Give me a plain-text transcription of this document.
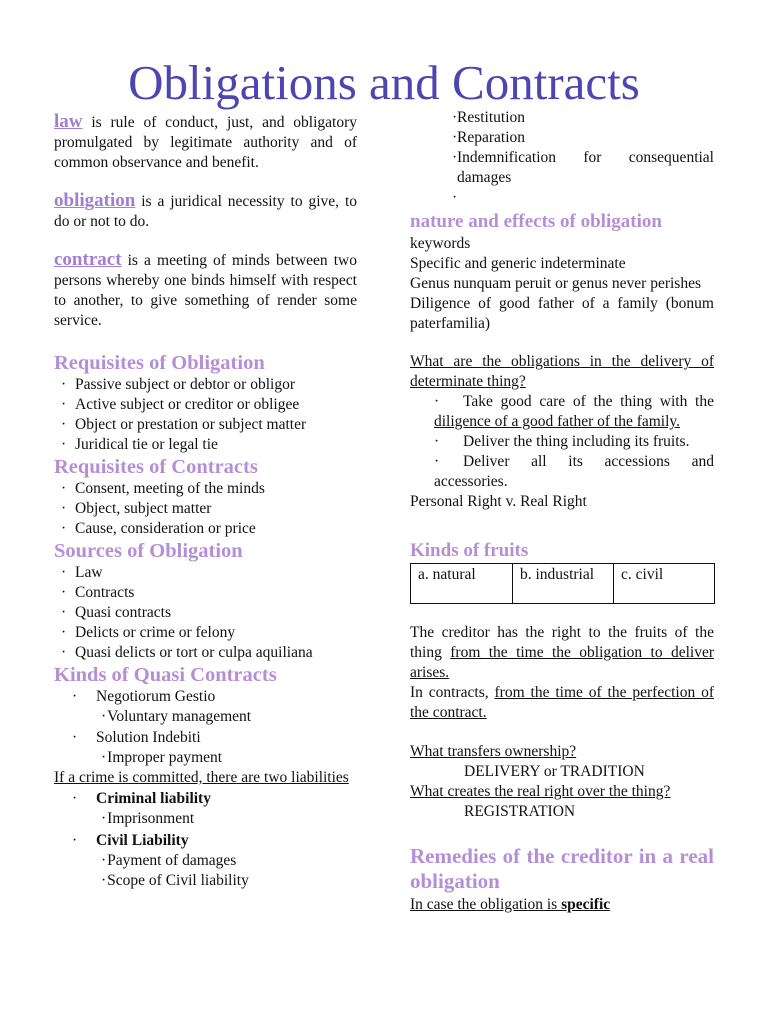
Obligations and Contracts

law is rule of conduct, just, and obligatory promulgated by legitimate authority and of common observance and benefit.

obligation is a juridical necessity to give, to do or not to do.

contract is a meeting of minds between two persons whereby one binds himself with respect to another, to give something of render some service.

Requisites of Obligation
· Passive subject or debtor or obligor
· Active subject or creditor or obligee
· Object or prestation or subject matter
· Juridical tie or legal tie
Requisites of Contracts
· Consent, meeting of the minds
· Object, subject matter
· Cause, consideration or price
Sources of Obligation
· Law
· Contracts
· Quasi contracts
· Delicts or crime or felony
· Quasi delicts or tort or culpa aquiliana
Kinds of Quasi Contracts
· Negotiorum Gestio
·Voluntary management
· Solution Indebiti
·Improper payment

If a crime is committed, there are two liabilities

· Criminal liability
·Imprisonment
· Civil Liability
·Payment of damages
·Scope of Civil liability
· Restitution
· Reparation
· Indemnification for consequential damages
·
nature and effects of obligation

keywords

Specific and generic indeterminate

Genus nunquam peruit or genus never perishes

Diligence of good father of a family (bonum paterfamilia)

What are the obligations in the delivery of determinate thing?

· Take good care of the thing with the diligence of a good father of the family.
· Deliver the thing including its fruits.
· Deliver all its accessions and accessories.

Personal Right v. Real Right

Kinds of fruits
a. natural	b. industrial	c. civil

The creditor has the right to the fruits of the thing from the time the obligation to deliver arises.

In contracts, from the time of the perfection of the contract.

What transfers ownership?

DELIVERY or TRADITION

What creates the real right over the thing?

REGISTRATION

Remedies of the creditor in a real obligation

In case the obligation is specific
